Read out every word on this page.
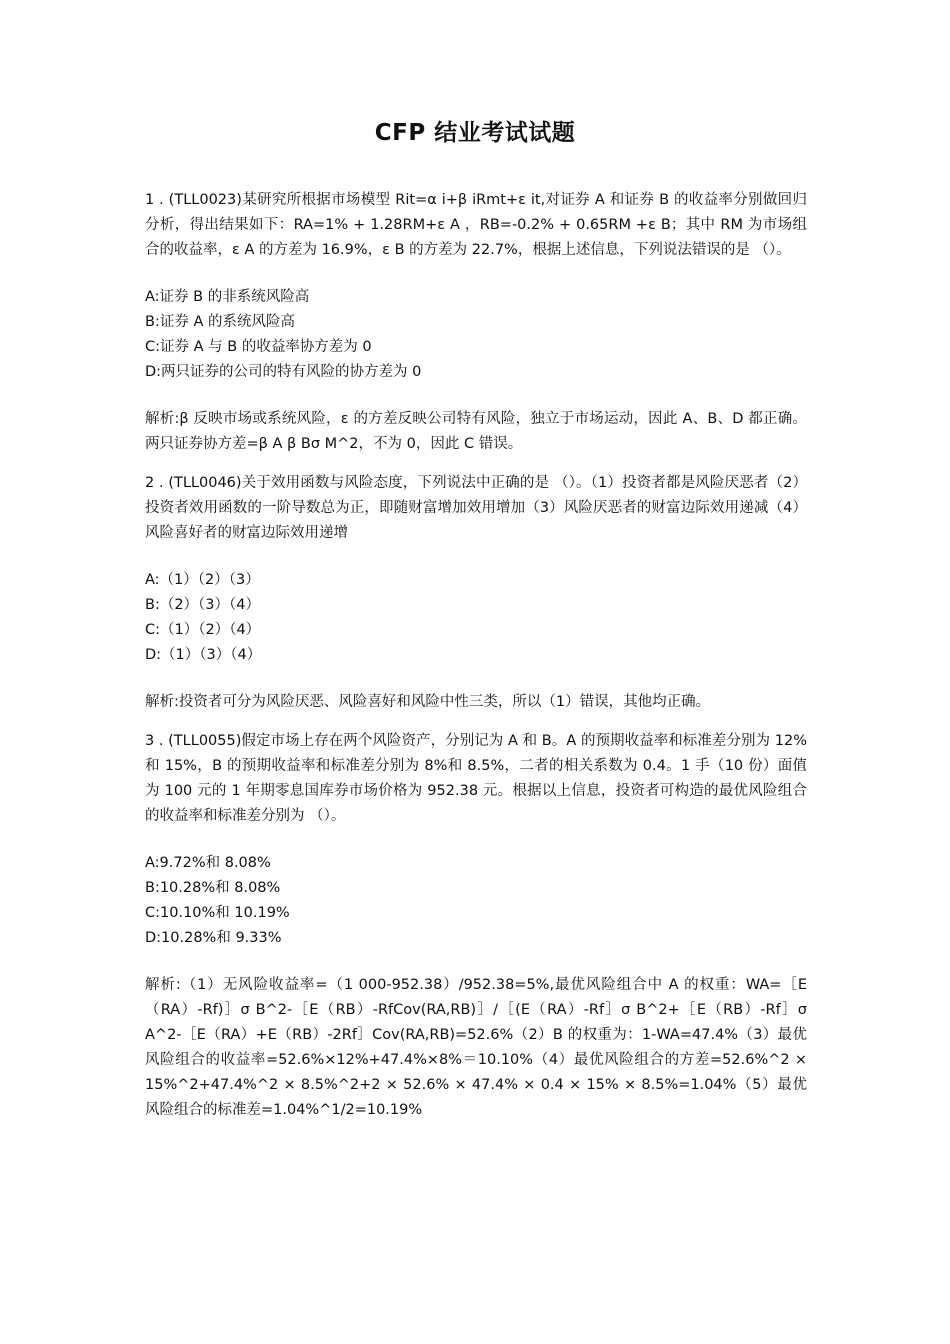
CFP 结业考试试题

1 . (TLL0023)某研究所根据市场模型 Rit=α i+β iRmt+ε it,对证券 A 和证券 B 的收益率分别做回归分析，得出结果如下：RA=1% + 1.28RM+ε A ，RB=-0.2% + 0.65RM +ε B；其中 RM 为市场组合的收益率，ε A 的方差为 16.9%，ε B 的方差为 22.7%，根据上述信息，下列说法错误的是 （）。

A:证券 B 的非系统风险高

B:证券 A 的系统风险高

C:证券 A 与 B 的收益率协方差为 0

D:两只证券的公司的特有风险的协方差为 0

解析:β 反映市场或系统风险，ε 的方差反映公司特有风险，独立于市场运动，因此 A、B、D 都正确。两只证券协方差=β A β Bσ M^2，不为 0，因此 C 错误。

2 . (TLL0046)关于效用函数与风险态度，下列说法中正确的是 （）。（1）投资者都是风险厌恶者（2）投资者效用函数的一阶导数总为正，即随财富增加效用增加（3）风险厌恶者的财富边际效用递减（4）风险喜好者的财富边际效用递增

A:（1）（2）（3）

B:（2）（3）（4）

C:（1）（2）（4）

D:（1）（3）（4）

解析:投资者可分为风险厌恶、风险喜好和风险中性三类，所以（1）错误，其他均正确。

3 . (TLL0055)假定市场上存在两个风险资产，分别记为 A 和 B。A 的预期收益率和标准差分别为 12%和 15%，B 的预期收益率和标准差分别为 8%和 8.5%，二者的相关系数为 0.4。1 手（10 份）面值为 100 元的 1 年期零息国库券市场价格为 952.38 元。根据以上信息，投资者可构造的最优风险组合的收益率和标准差分别为 （）。

A:9.72%和 8.08%

B:10.28%和 8.08%

C:10.10%和 10.19%

D:10.28%和 9.33%

解析:（1）无风险收益率=（1 000-952.38）/952.38=5%,最优风险组合中 A 的权重：WA=［E（RA）-Rf)］σ B^2-［E（RB）-RfCov(RA,RB)］/［(E（RA）-Rf］σ B^2+［E（RB）-Rf］σ A^2-［E（RA）+E（RB）-2Rf］Cov(RA,RB)=52.6%（2）B 的权重为：1-WA=47.4%（3）最优风险组合的收益率=52.6%×12%+47.4%×8%＝10.10%（4）最优风险组合的方差=52.6%^2 × 15%^2+47.4%^2 × 8.5%^2+2 × 52.6% × 47.4% × 0.4 × 15% × 8.5%=1.04%（5）最优风险组合的标准差=1.04%^1/2=10.19%
